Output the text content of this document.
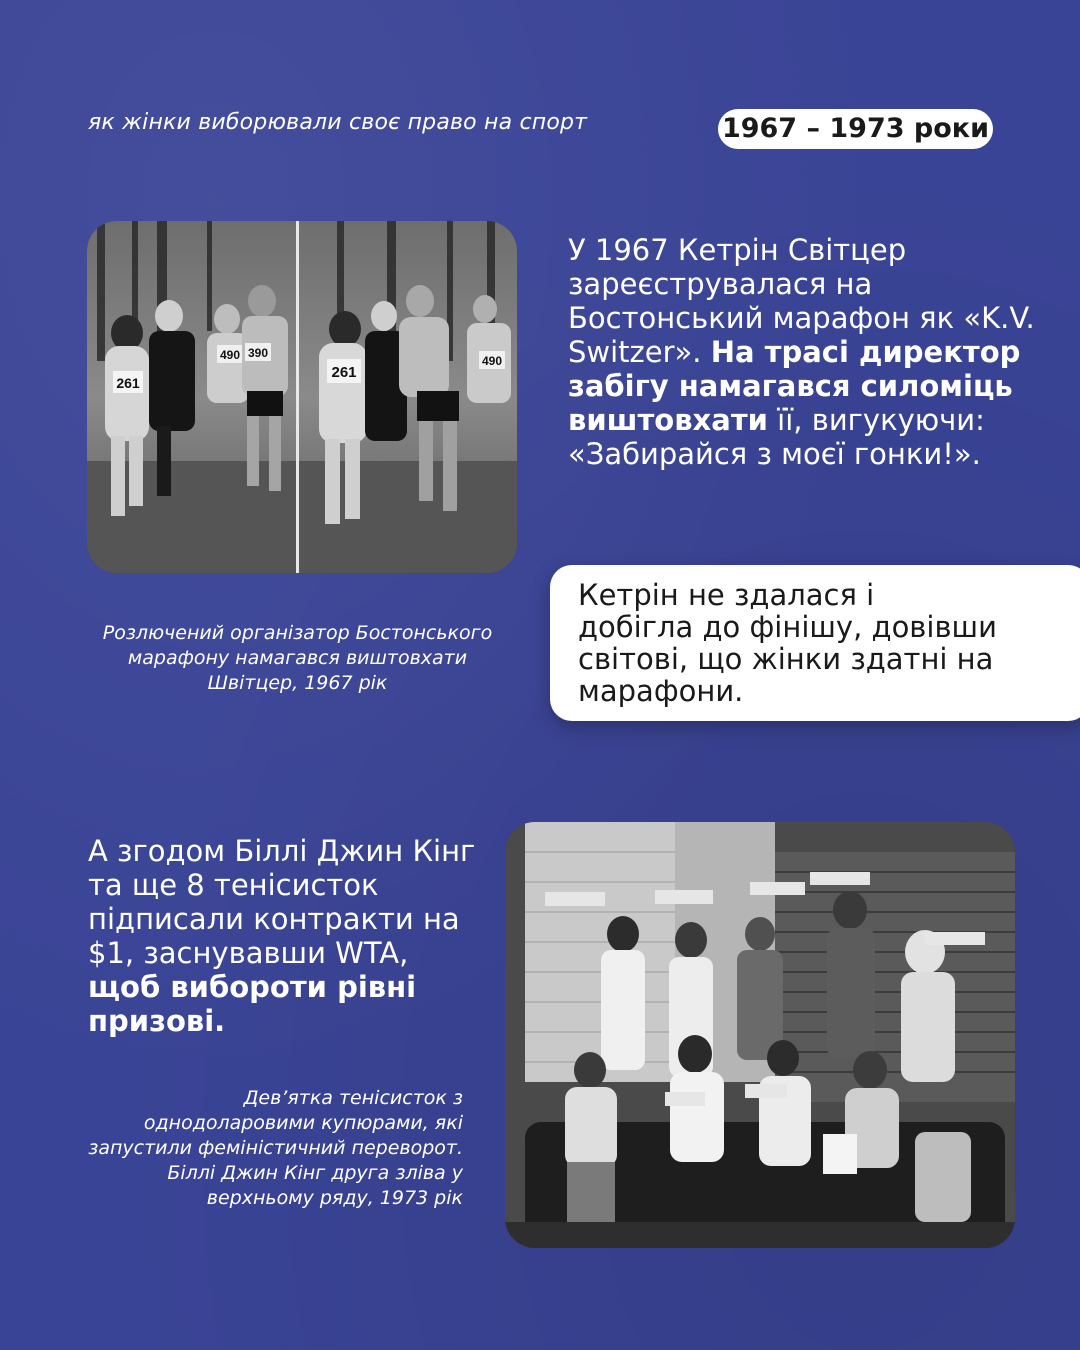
як жінки виборювали своє право на спорт	1967 – 1973 роки
261
490 390
261
490
У 1967 Кетрін Світцер зареєструвалася на Бостонський марафон як «K.V. Switzer». На трасі директор забігу намагався силоміць виштовхати її, вигукуючи: «Забирайся з моєї гонки!».
Кетрін не здалася і добігла до фінішу, довівши світові, що жінки здатні на марафони.
Розлючений організатор Бостонського марафону намагався виштовхати Швітцер, 1967 рік
А згодом Біллі Джин Кінг та ще 8 тенісисток підписали контракти на $1, заснувавши WTA, щоб вибороти рівні призові.
Дев’ятка тенісисток з однодоларовими купюрами, які запустили феміністичний переворот. Біллі Джин Кінг друга зліва у верхньому ряду, 1973 рік
